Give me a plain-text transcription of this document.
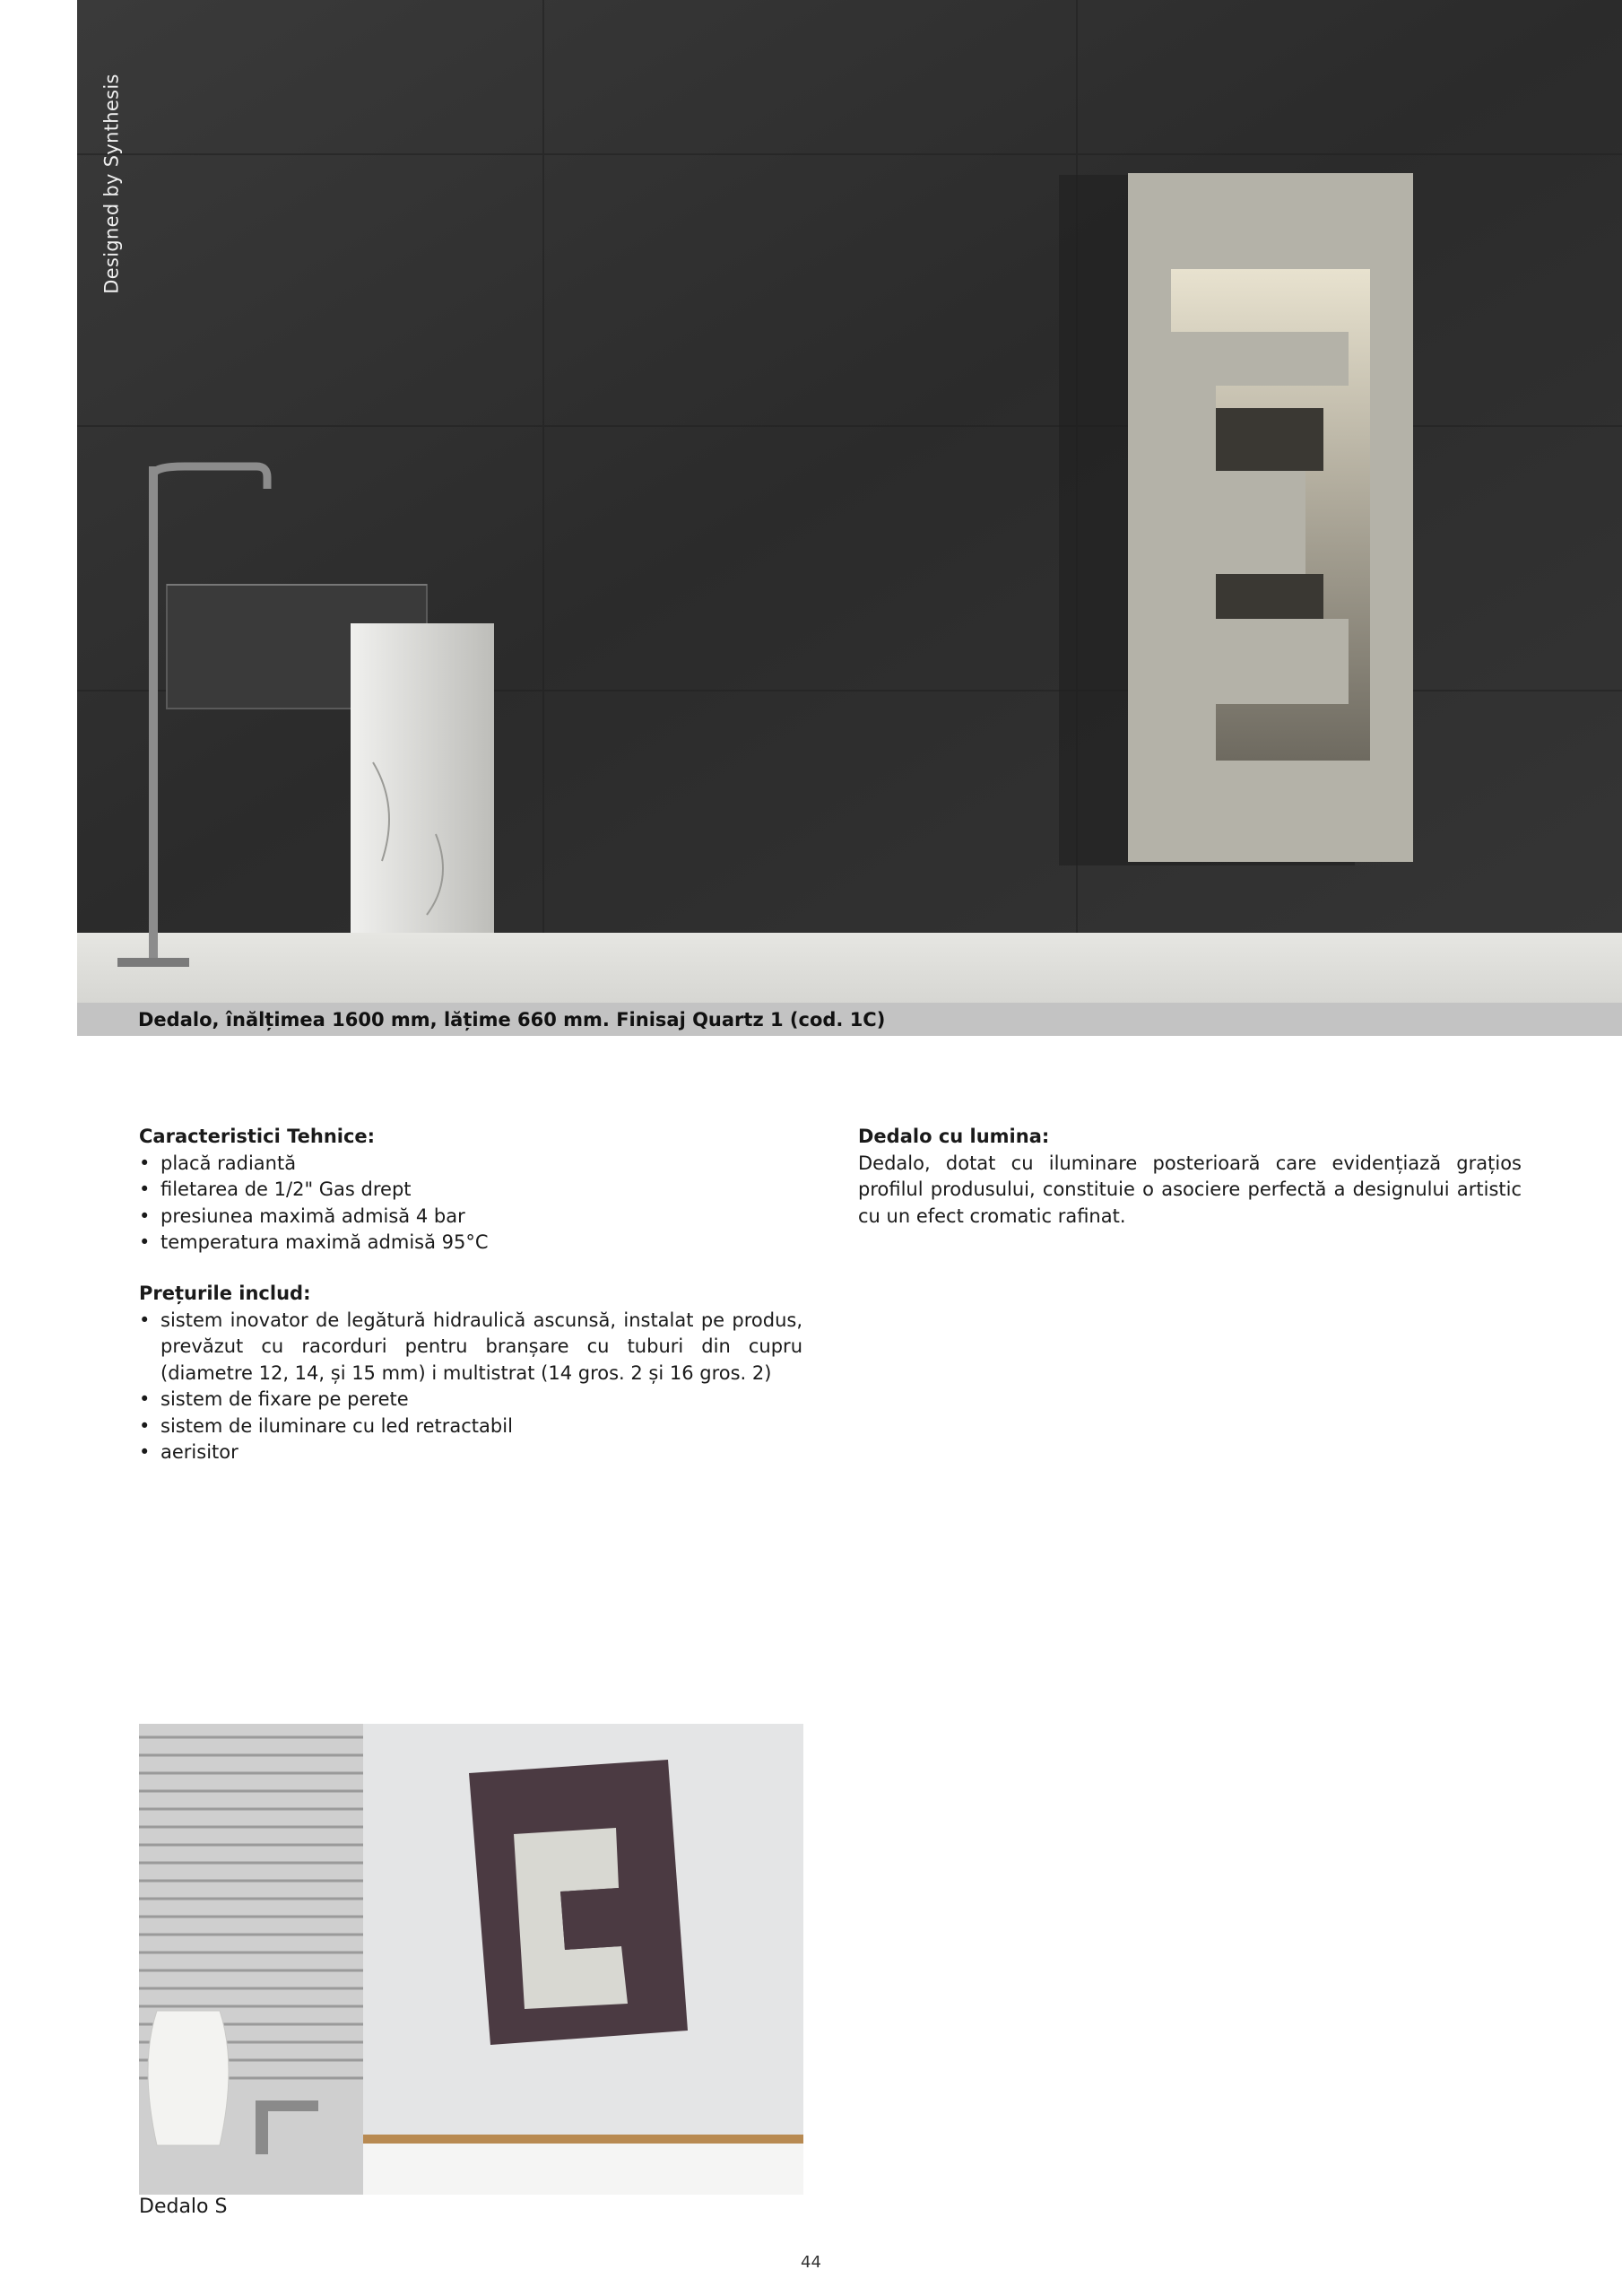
Designed by Synthesis
Dedalo, înălțimea 1600 mm, lățime 660 mm. Finisaj Quartz 1 (cod. 1C)
Caracteristici Tehnice:
• placă radiantă
• filetarea de 1/2" Gas drept
• presiunea maximă admisă 4 bar
• temperatura maximă admisă 95°C
Prețurile includ:
• sistem inovator de legătură hidraulică ascunsă, instalat pe produs, prevăzut cu racorduri pentru branșare cu tuburi din cupru (diametre 12, 14, și 15 mm) i multistrat (14 gros. 2 și 16 gros. 2)
• sistem de fixare pe perete
• sistem de iluminare cu led retractabil
• aerisitor
Dedalo cu lumina:

Dedalo, dotat cu iluminare posterioară care evidențiază grațios profilul produsului, constituie o asociere perfectă a designului artistic cu un efect cromatic rafinat.

Dedalo S
44
